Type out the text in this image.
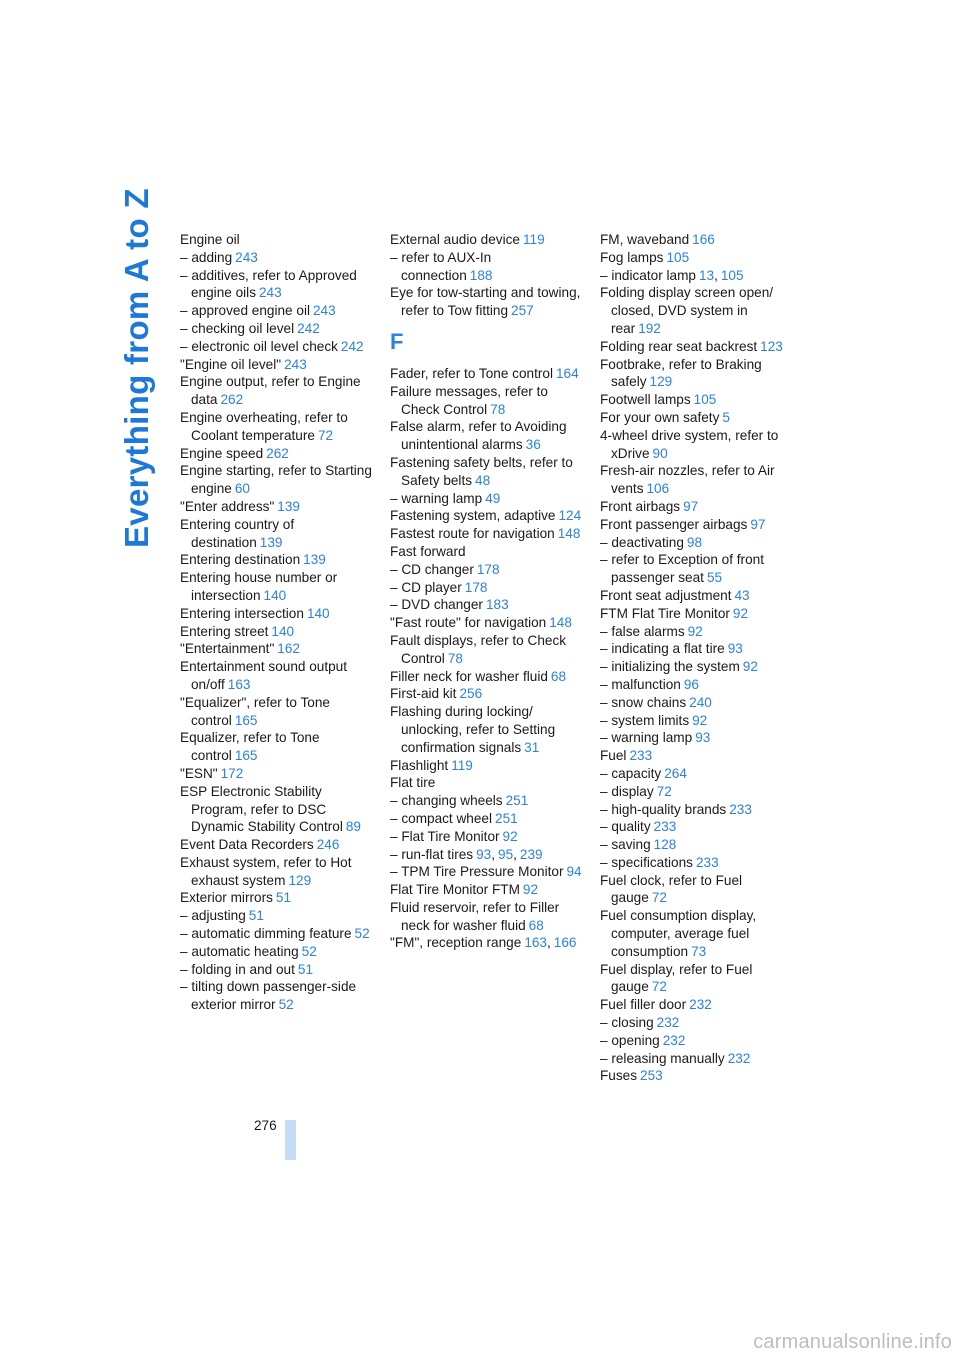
Everything from A to Z Engine oil

– adding 243

– additives, refer to Approved engine oils 243

– approved engine oil 243

– checking oil level 242

– electronic oil level check 242

"Engine oil level" 243

Engine output, refer to Engine data 262

Engine overheating, refer to Coolant temperature 72

Engine speed 262

Engine starting, refer to Starting engine 60

"Enter address" 139

Entering country of destination 139

Entering destination 139

Entering house number or intersection 140

Entering intersection 140

Entering street 140

"Entertainment" 162

Entertainment sound output on/off 163

"Equalizer", refer to Tone control 165

Equalizer, refer to Tone control 165

"ESN" 172

ESP Electronic Stability Program, refer to DSC Dynamic Stability Control 89

Event Data Recorders 246

Exhaust system, refer to Hot exhaust system 129

Exterior mirrors 51

– adjusting 51

– automatic dimming feature 52

– automatic heating 52

– folding in and out 51

– tilting down passenger-side exterior mirror 52

External audio device 119

– refer to AUX-In connection 188

Eye for tow-starting and towing, refer to Tow fitting 257

F

Fader, refer to Tone control 164

Failure messages, refer to Check Control 78

False alarm, refer to Avoiding unintentional alarms 36

Fastening safety belts, refer to Safety belts 48

– warning lamp 49

Fastening system, adaptive 124

Fastest route for navigation 148

Fast forward

– CD changer 178

– CD player 178

– DVD changer 183

"Fast route" for navigation 148

Fault displays, refer to Check Control 78

Filler neck for washer fluid 68

First-aid kit 256

Flashing during locking/ unlocking, refer to Setting confirmation signals 31

Flashlight 119

Flat tire

– changing wheels 251

– compact wheel 251

– Flat Tire Monitor 92

– run-flat tires 93, 95, 239

– TPM Tire Pressure Monitor 94

Flat Tire Monitor FTM 92

Fluid reservoir, refer to Filler neck for washer fluid 68

"FM", reception range 163, 166

FM, waveband 166

Fog lamps 105

– indicator lamp 13, 105

Folding display screen open/ closed, DVD system in rear 192

Folding rear seat backrest 123

Footbrake, refer to Braking safely 129

Footwell lamps 105

For your own safety 5

4-wheel drive system, refer to xDrive 90

Fresh-air nozzles, refer to Air vents 106

Front airbags 97

Front passenger airbags 97

– deactivating 98

– refer to Exception of front passenger seat 55

Front seat adjustment 43

FTM Flat Tire Monitor 92

– false alarms 92

– indicating a flat tire 93

– initializing the system 92

– malfunction 96

– snow chains 240

– system limits 92

– warning lamp 93

Fuel 233

– capacity 264

– display 72

– high-quality brands 233

– quality 233

– saving 128

– specifications 233

Fuel clock, refer to Fuel gauge 72

Fuel consumption display, computer, average fuel consumption 73

Fuel display, refer to Fuel gauge 72

Fuel filler door 232

– closing 232

– opening 232

– releasing manually 232

Fuses 253

276
carmanualsonline.info
